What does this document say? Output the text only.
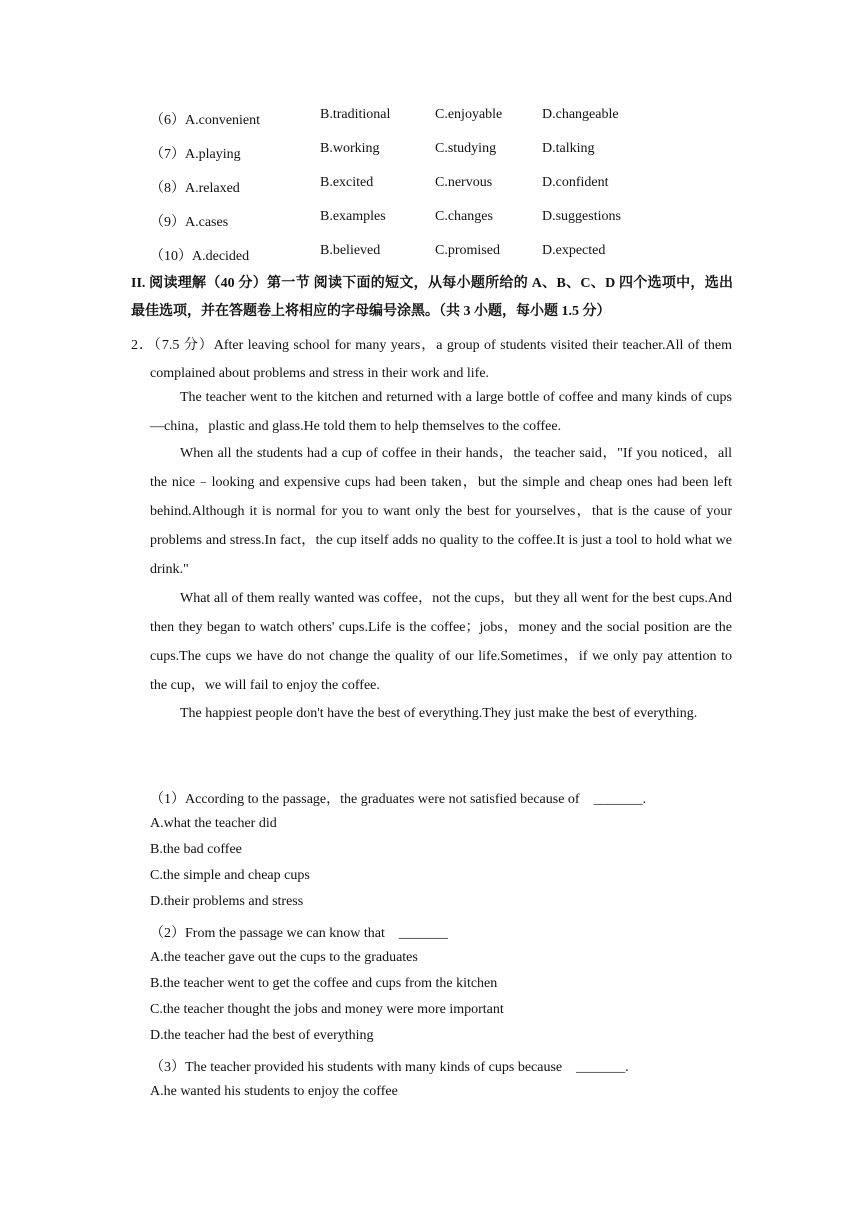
（6）A.convenient	B.traditional	C.enjoyable	D.changeable
（7）A.playing	B.working	C.studying	D.talking
（8）A.relaxed	B.excited	C.nervous	D.confident
（9）A.cases	B.examples	C.changes	D.suggestions
（10）A.decided	B.believed	C.promised	D.expected

II. 阅读理解（40 分）第一节 阅读下面的短文，从每小题所给的 A、B、C、D 四个选项中，选出最佳选项，并在答题卷上将相应的字母编号涂黑。（共 3 小题，每小题 1.5 分）

2．（7.5 分）After leaving school for many years，a group of students visited their teacher.All of them complained about problems and stress in their work and life.

The teacher went to the kitchen and returned with a large bottle of coffee and many kinds of cups—china，plastic and glass.He told them to help themselves to the coffee.

When all the students had a cup of coffee in their hands，the teacher said，"If you noticed，all the nice﹣looking and expensive cups had been taken，but the simple and cheap ones had been left behind.Although it is normal for you to want only the best for yourselves，that is the cause of your problems and stress.In fact，the cup itself adds no quality to the coffee.It is just a tool to hold what we drink."

What all of them really wanted was coffee，not the cups，but they all went for the best cups.And then they began to watch others' cups.Life is the coffee；jobs，money and the social position are the cups.The cups we have do not change the quality of our life.Sometimes，if we only pay attention to the cup，we will fail to enjoy the coffee.

The happiest people don't have the best of everything.They just make the best of everything.

（1）According to the passage，the graduates were not satisfied because of _______.

A.what the teacher did

B.the bad coffee

C.the simple and cheap cups

D.their problems and stress

（2）From the passage we can know that _______

A.the teacher gave out the cups to the graduates

B.the teacher went to get the coffee and cups from the kitchen

C.the teacher thought the jobs and money were more important

D.the teacher had the best of everything

（3）The teacher provided his students with many kinds of cups because _______.

A.he wanted his students to enjoy the coffee
